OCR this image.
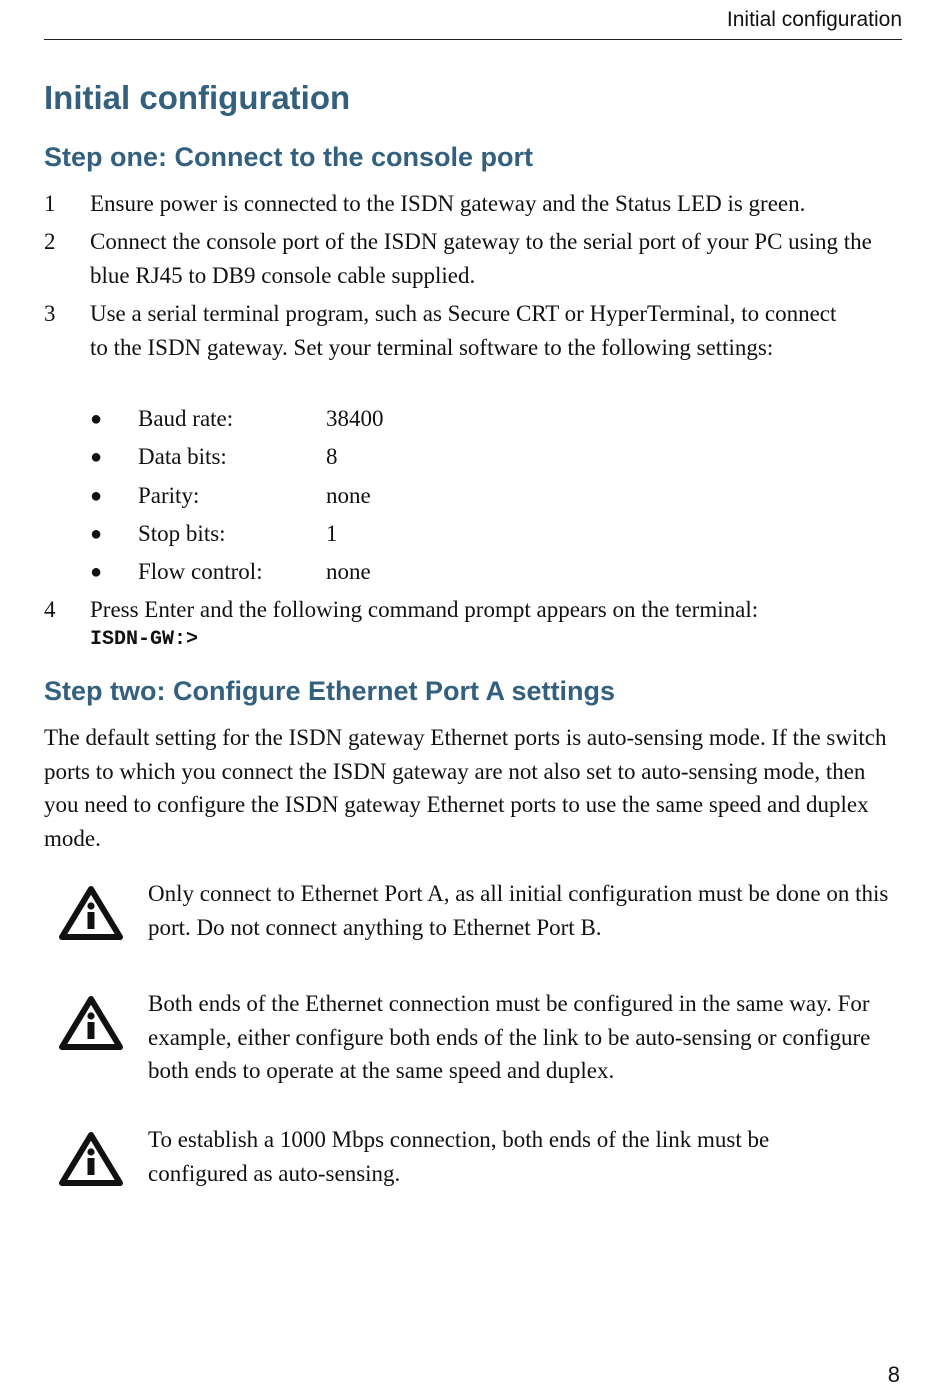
Initial configuration
Initial configuration
Step one: Connect to the console port
1 Ensure power is connected to the ISDN gateway and the Status LED is green.

2 Connect the console port of the ISDN gateway to the serial port of your PC using the blue RJ45 to DB9 console cable supplied.

3 Use a serial terminal program, such as Secure CRT or HyperTerminal, to connect to the ISDN gateway. Set your terminal software to the following settings:

● Baud rate:	38400
● Data bits:	8
● Parity:	none
● Stop bits:	1
● Flow control:	none
4 Press Enter and the following command prompt appears on the terminal:

ISDN-GW:>
Step two: Configure Ethernet Port A settings

The default setting for the ISDN gateway Ethernet ports is auto-sensing mode. If the switch ports to which you connect the ISDN gateway are not also set to auto-sensing mode, then you need to configure the ISDN gateway Ethernet ports to use the same speed and duplex mode.

Only connect to Ethernet Port A, as all initial configuration must be done on this port. Do not connect anything to Ethernet Port B.

Both ends of the Ethernet connection must be configured in the same way. For example, either configure both ends of the link to be auto-sensing or configure both ends to operate at the same speed and duplex.

To establish a 1000 Mbps connection, both ends of the link must be configured as auto-sensing.

8
